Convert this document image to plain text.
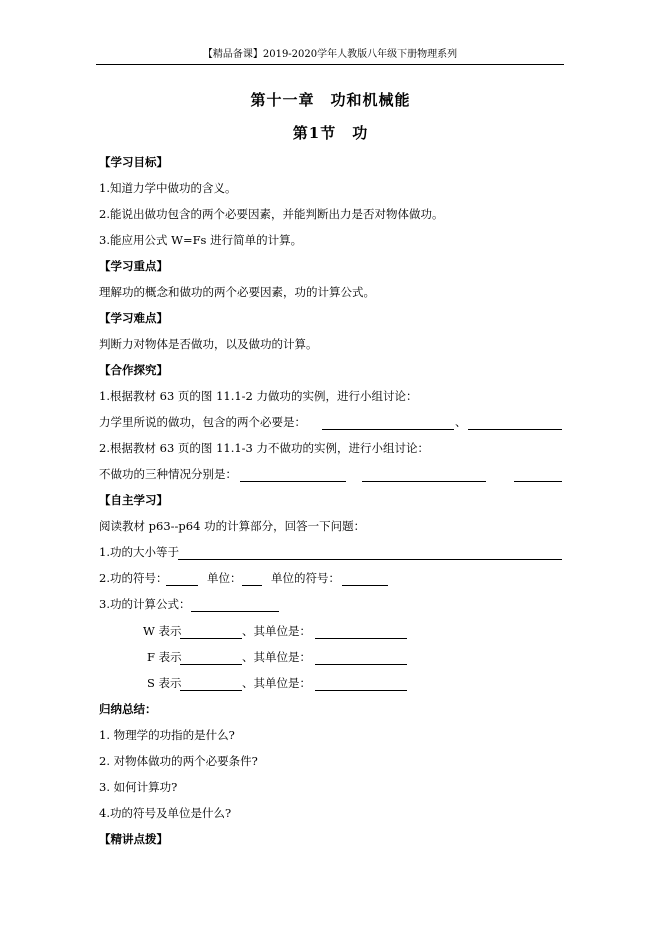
【精品备课】2019-2020学年人教版八年级下册物理系列
第十一章　功和机械能
第1节　功
【学习目标】
1.知道力学中做功的含义。
2.能说出做功包含的两个必要因素，并能判断出力是否对物体做功。
3.能应用公式 W=Fs 进行简单的计算。
【学习重点】
理解功的概念和做功的两个必要因素，功的计算公式。
【学习难点】
判断力对物体是否做功，以及做功的计算。
【合作探究】
1.根据教材 63 页的图 11.1-2 力做功的实例，进行小组讨论：
力学里所说的做功，包含的两个必要是：	、
2.根据教材 63 页的图 11.1-3 力不做功的实例，进行小组讨论：
不做功的三种情况分别是：
【自主学习】
阅读教材 p63--p64 功的计算部分，回答一下问题：
1.功的大小等于
2.功的符号：	单位：	单位的符号：
3.功的计算公式：
W 表示	、其单位是：
F 表示	、其单位是：
S 表示	、其单位是：
归纳总结：
1. 物理学的功指的是什么?
2. 对物体做功的两个必要条件?
3. 如何计算功?
4.功的符号及单位是什么?
【精讲点拨】
